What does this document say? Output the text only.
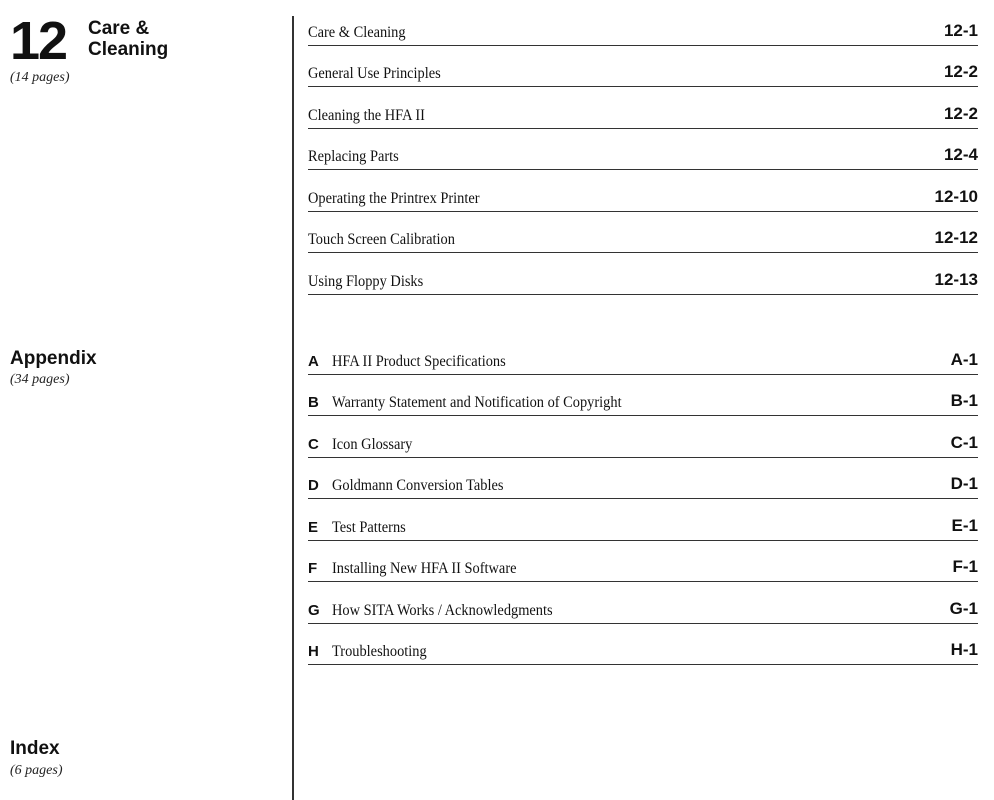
12 Care &
Cleaning
(14 pages)
Appendix
(34 pages)
Index
(6 pages)
Care & Cleaning	12-1
General Use Principles	12-2
Cleaning the HFA II	12-2
Replacing Parts	12-4
Operating the Printrex Printer	12-10
Touch Screen Calibration	12-12
Using Floppy Disks	12-13
A HFA II Product Specifications	A-1
B Warranty Statement and Notification of Copyright	B-1
C Icon Glossary	C-1
D Goldmann Conversion Tables	D-1
E Test Patterns	E-1
F Installing New HFA II Software	F-1
G How SITA Works / Acknowledgments	G-1
H Troubleshooting	H-1
